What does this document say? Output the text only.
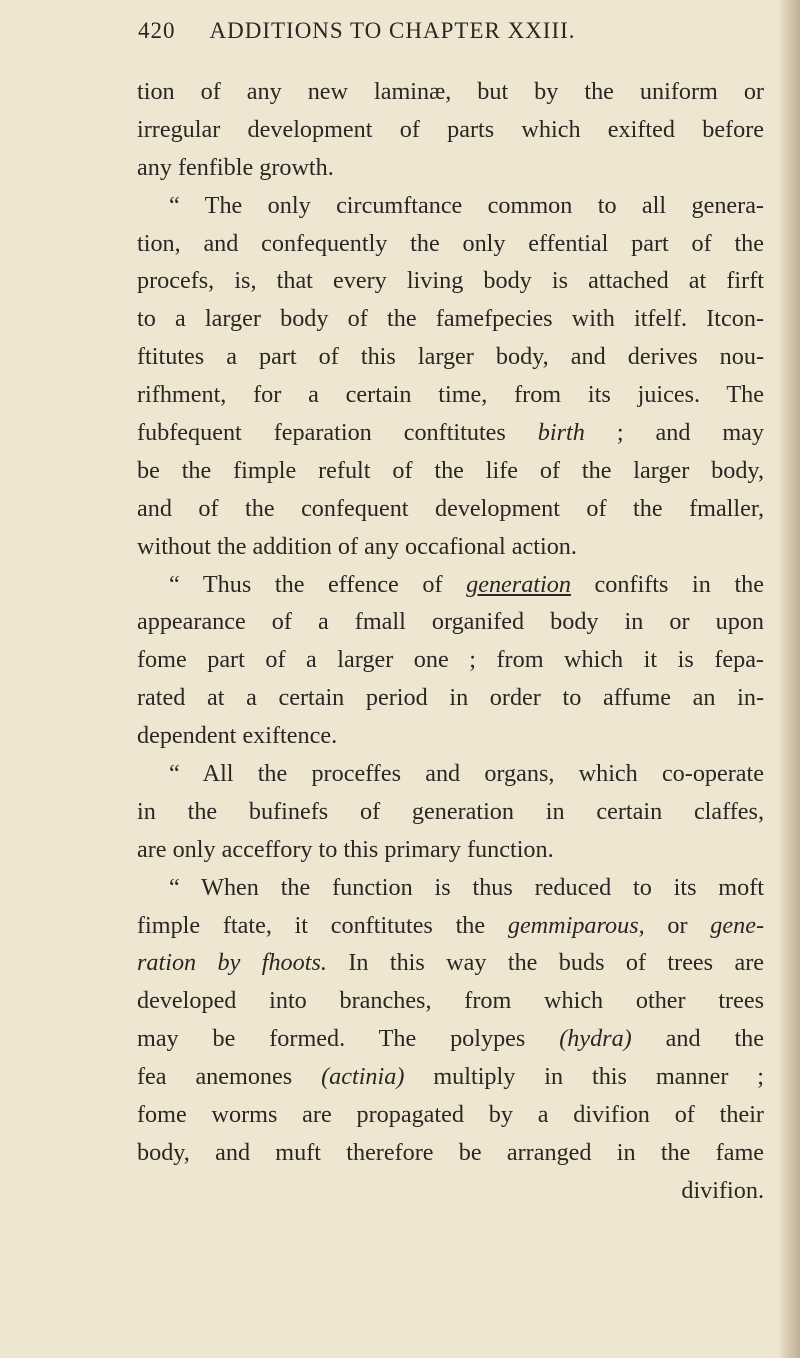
420 ADDITIONS TO CHAPTER XXIII.
tion of any new laminæ, but by the uniform or
irregular development of parts which exifted before
any fenfible growth.
“ The only circumftance common to all genera-
tion, and confequently the only effential part of the
procefs, is, that every living body is attached at firft
to a larger body of the famefpecies with itfelf. Itcon-
ftitutes a part of this larger body, and derives nou-
rifhment, for a certain time, from its juices. The
fubfequent feparation conftitutes birth ; and may
be the fimple refult of the life of the larger body,
and of the confequent development of the fmaller,
without the addition of any occafional action.
“ Thus the effence of generation confifts in the
appearance of a fmall organifed body in or upon
fome part of a larger one ; from which it is fepa-
rated at a certain period in order to affume an in-
dependent exiftence.
“ All the proceffes and organs, which co-operate
in the bufinefs of generation in certain claffes,
are only acceffory to this primary function.
“ When the function is thus reduced to its moft
fimple ftate, it conftitutes the gemmiparous, or gene-
ration by fhoots. In this way the buds of trees are
developed into branches, from which other trees
may be formed. The polypes (hydra) and the
fea anemones (actinia) multiply in this manner ;
fome worms are propagated by a divifion of their
body, and muft therefore be arranged in the fame
divifion.
